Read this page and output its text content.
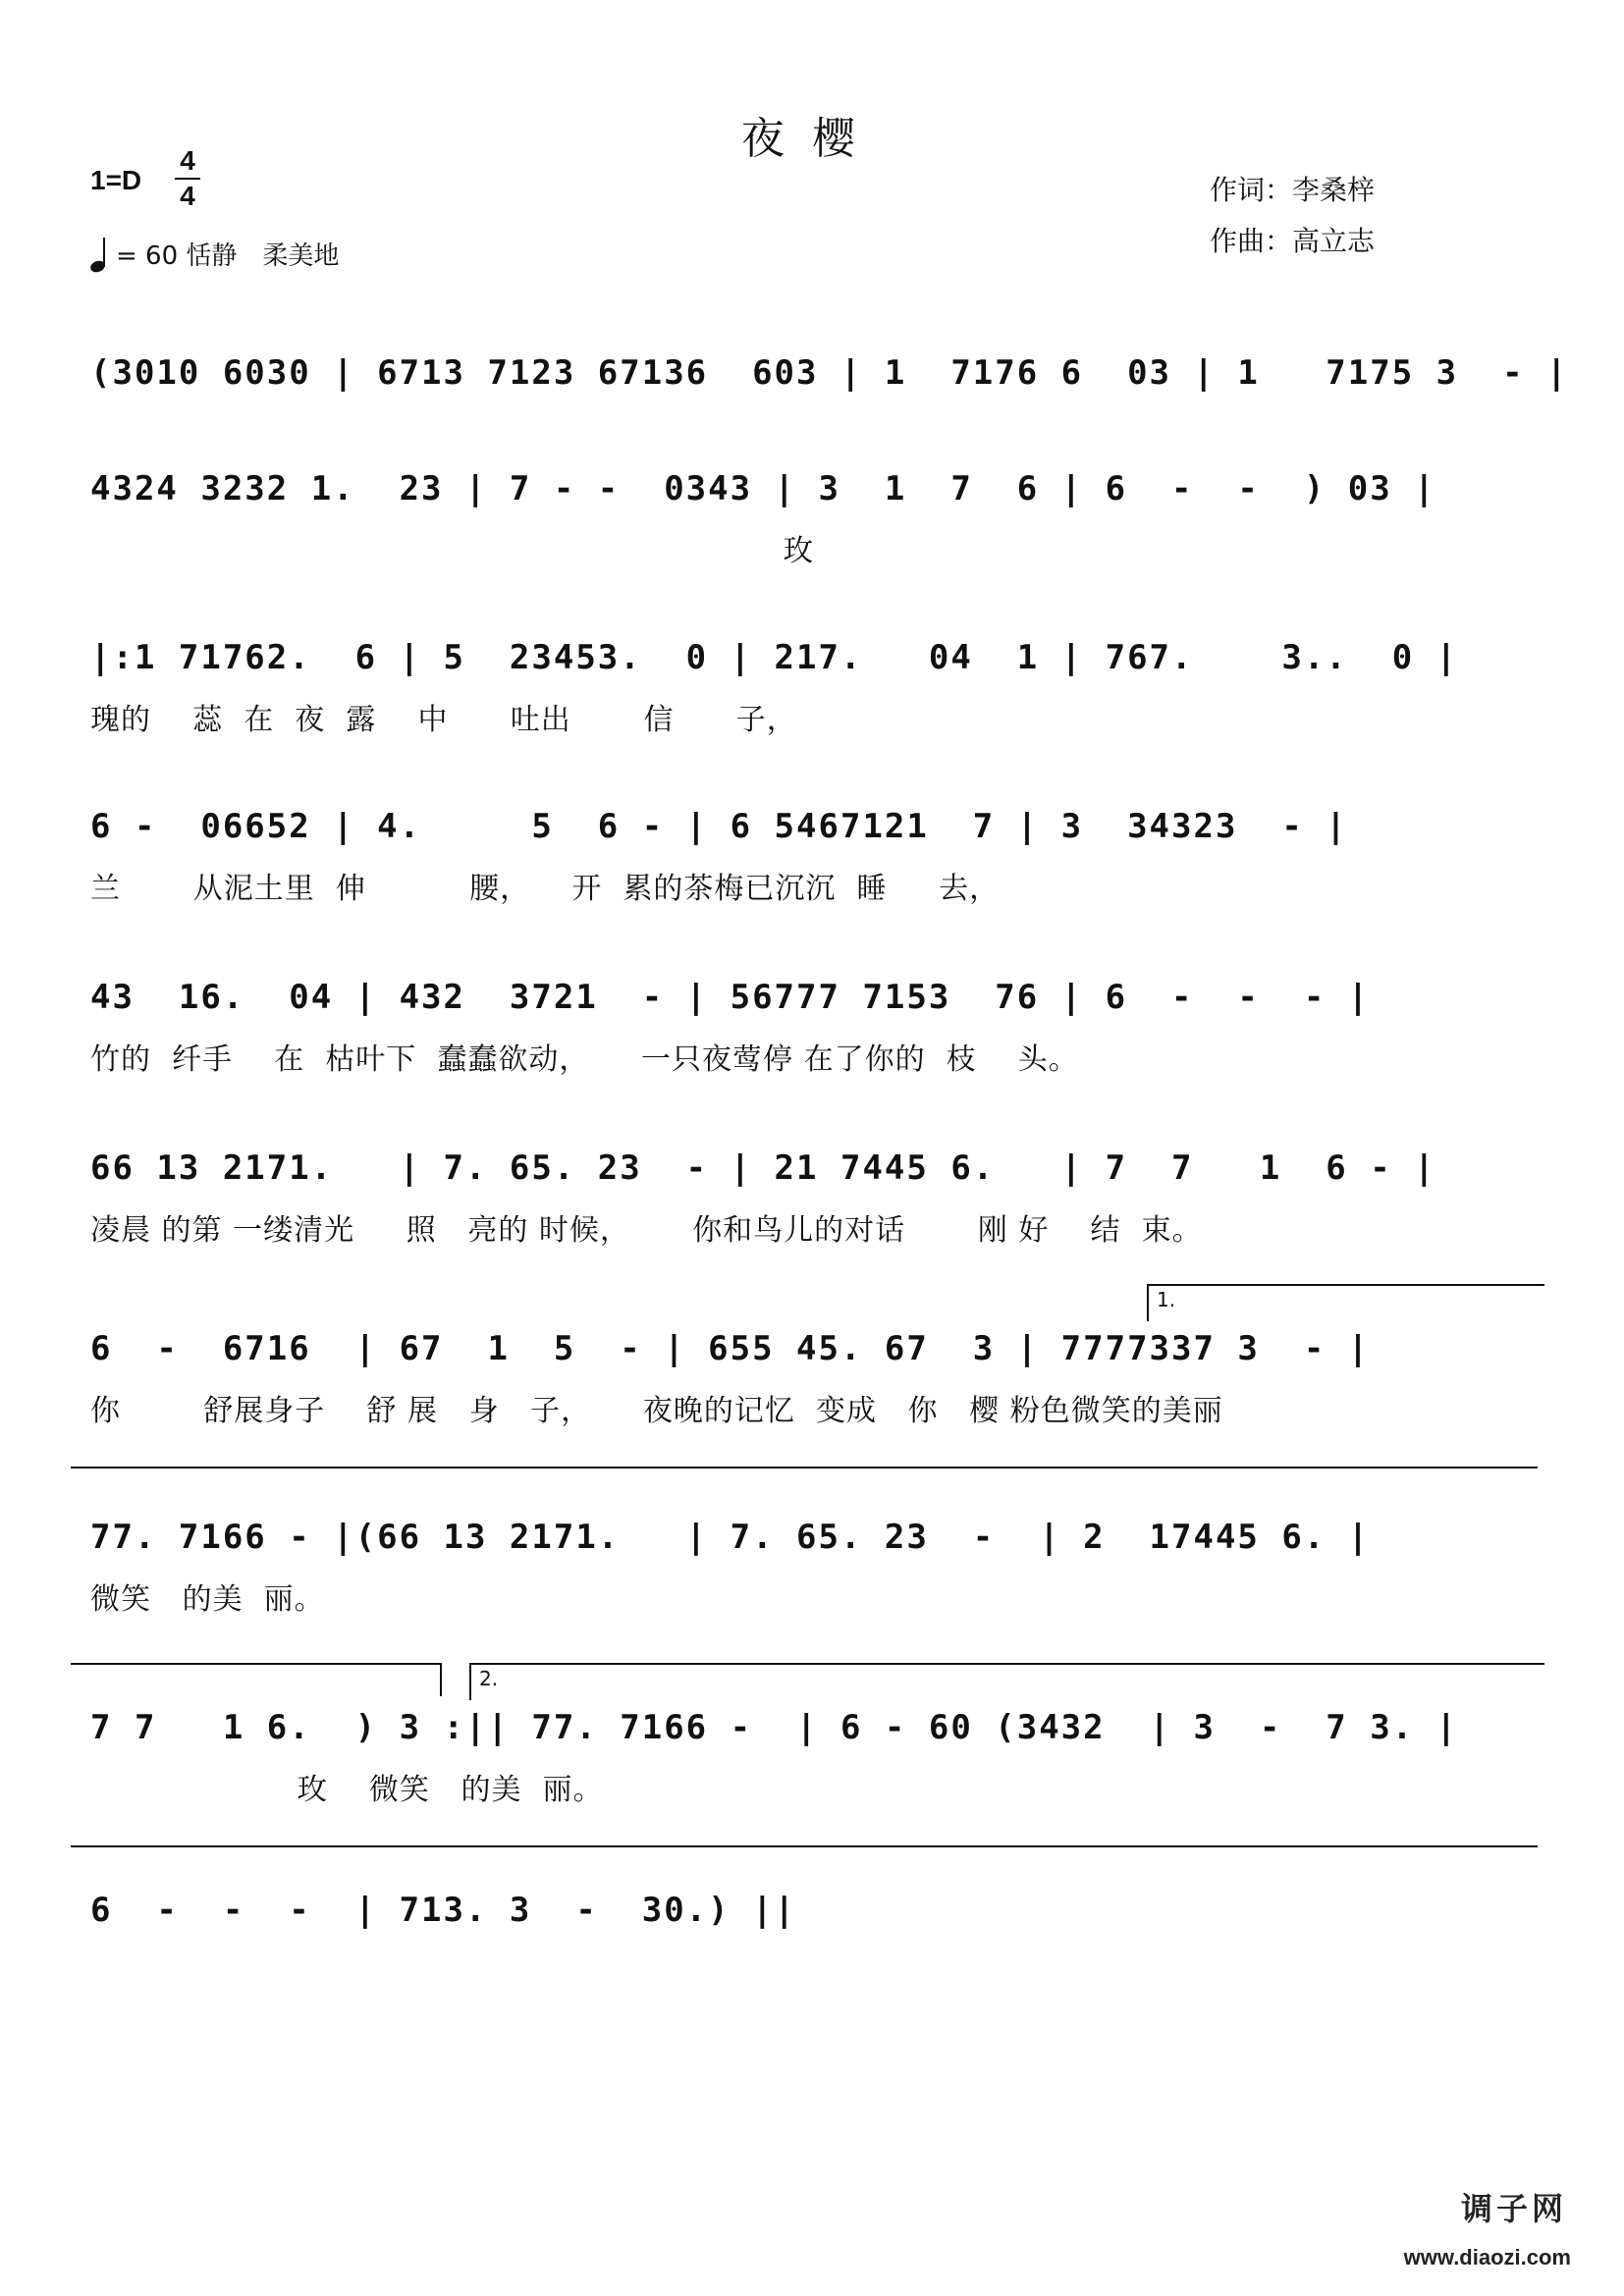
夜樱
1=D
4
4
= 60 恬静　柔美地
作词：李桑梓
作曲：高立志
(3010 6030 | 6713 7123 67136  603 | 1  7176 6  03 | 1   7175 3  - |
4324 3232 1.  23 | 7 - -  0343 | 3  1  7  6 | 6  -  -  ) 03 |
玫
|:1 71762.  6 | 5  23453.  0 | 217.   04  1 | 767.    3..  0 |
瑰的    蕊  在  夜  露    中      吐出       信      子，
6 -  06652 | 4.     5  6 - | 6 5467121  7 | 3  34323  - |
兰       从泥土里  伸          腰，    开  累的茶梅已沉沉  睡     去，
43  16.  04 | 432  3721  - | 56777 7153  76 | 6  -  -  - |
竹的  纤手    在  枯叶下  蠢蠢欲动，     一只夜莺停 在了你的  枝    头。
66 13 2171.   | 7. 65. 23  - | 21 7445 6.   | 7  7   1  6 - |
凌晨 的第 一缕清光     照   亮的 时候，      你和鸟儿的对话       刚 好    结  束。
1.
6  -  6716  | 67  1  5  - | 655 45. 67  3 | 7777337 3  - |
你        舒展身子    舒 展   身   子，     夜晚的记忆  变成   你   樱 粉色微笑的美丽
77. 7166 - |(66 13 2171.   | 7. 65. 23  -  | 2  17445 6. |
微笑   的美  丽。
2.
7 7   1 6.  ) 3 :|| 77. 7166 -  | 6 - 60 (3432  | 3  -  7 3. |
玫    微笑   的美  丽。
6  -  -  -  | 713. 3  -  30.) ||
调子网
www.diaozi.com
